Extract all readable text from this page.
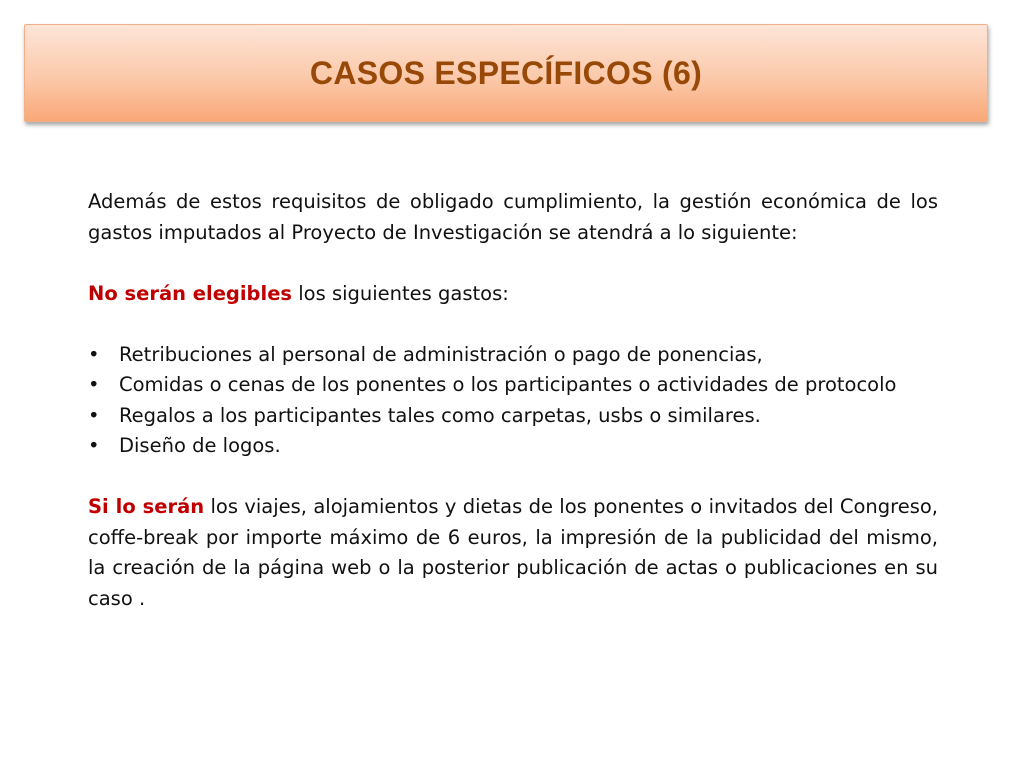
CASOS ESPECÍFICOS (6)

Además de estos requisitos de obligado cumplimiento, la gestión económica de los gastos imputados al Proyecto de Investigación se atendrá a lo siguiente:

No serán elegibles los siguientes gastos:

• Retribuciones al personal de administración o pago de ponencias,
• Comidas o cenas de los ponentes o los participantes o actividades de protocolo
• Regalos a los participantes tales como carpetas, usbs o similares.
• Diseño de logos.

Si lo serán los viajes, alojamientos y dietas de los ponentes o invitados del Congreso, coffe-break por importe máximo de 6 euros, la impresión de la publicidad del mismo, la creación de la página web o la posterior publicación de actas o publicaciones en su caso .
